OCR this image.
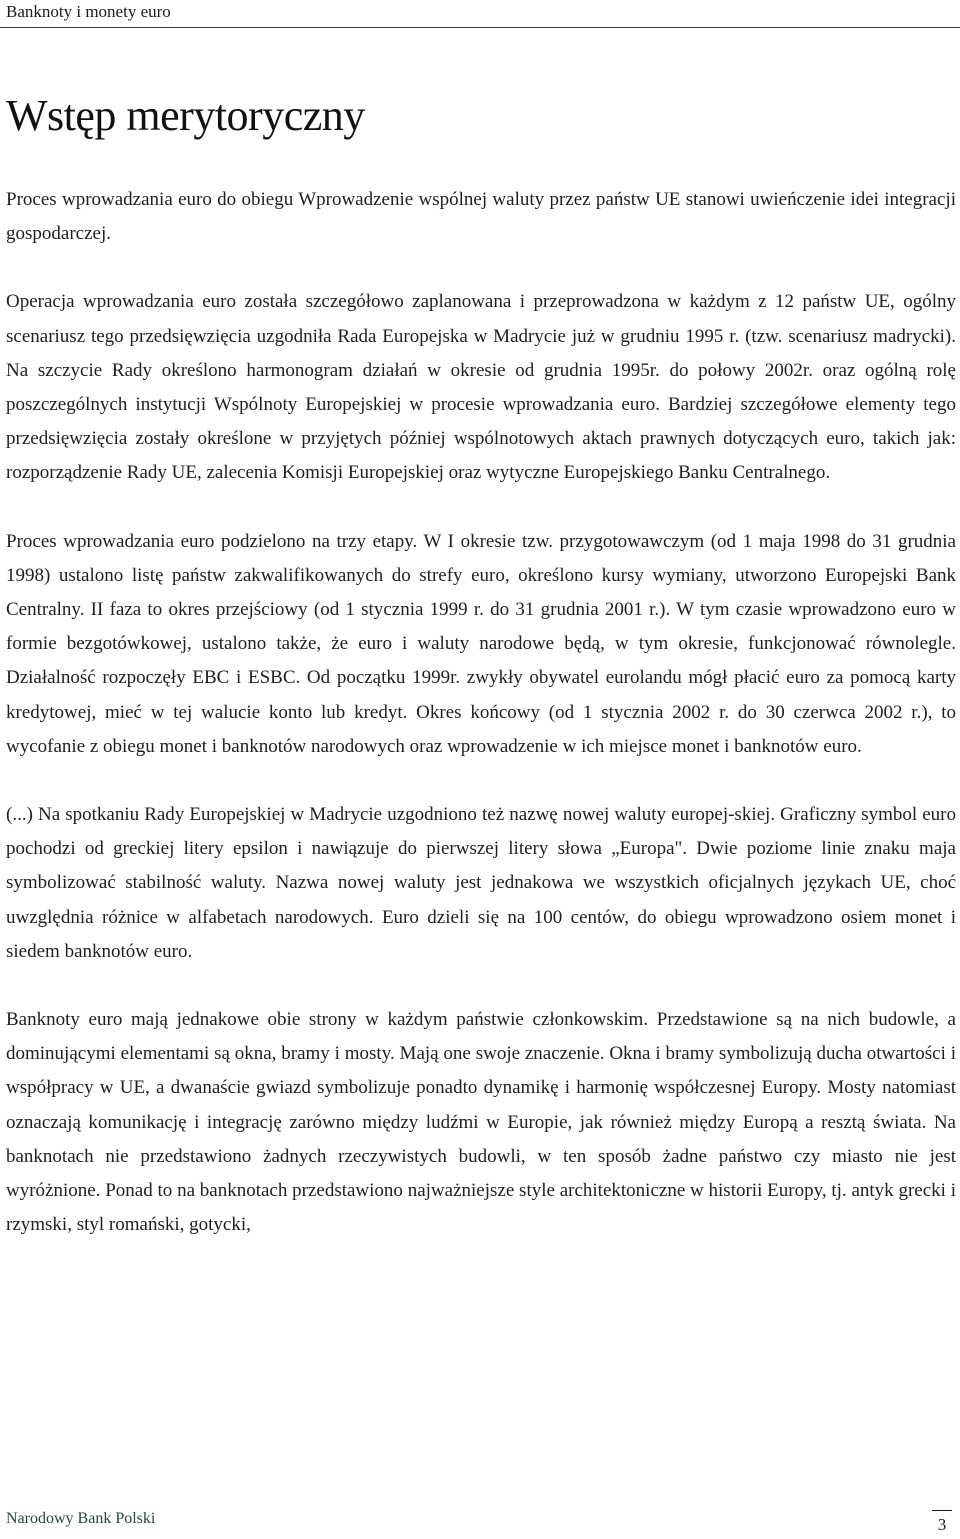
Banknoty i monety euro
Wstęp merytoryczny

Proces wprowadzania euro do obiegu Wprowadzenie wspólnej waluty przez państw UE stanowi uwieńczenie idei integracji gospodarczej.

Operacja wprowadzania euro została szczegółowo zaplanowana i przeprowadzona w każdym z 12 państw UE, ogólny scenariusz tego przedsięwzięcia uzgodniła Rada Europejska w Madrycie już w grudniu 1995 r. (tzw. scenariusz madrycki). Na szczycie Rady określono harmonogram działań w okresie od grudnia 1995r. do połowy 2002r. oraz ogólną rolę poszczególnych instytucji Wspólnoty Europejskiej w procesie wprowadzania euro. Bardziej szczegółowe elementy tego przedsięwzięcia zostały określone w przyjętych później wspólnotowych aktach prawnych dotyczących euro, takich jak: rozporządzenie Rady UE, zalecenia Komisji Europejskiej oraz wytyczne Europejskiego Banku Centralnego.

Proces wprowadzania euro podzielono na trzy etapy. W I okresie tzw. przygotowawczym (od 1 maja 1998 do 31 grudnia 1998) ustalono listę państw zakwalifikowanych do strefy euro, określono kursy wymiany, utworzono Europejski Bank Centralny. II faza to okres przejściowy (od 1 stycznia 1999 r. do 31 grudnia 2001 r.). W tym czasie wprowadzono euro w formie bezgotówkowej, ustalono także, że euro i waluty narodowe będą, w tym okresie, funkcjonować równolegle. Działalność rozpoczęły EBC i ESBC. Od początku 1999r. zwykły obywatel eurolandu mógł płacić euro za pomocą karty kredytowej, mieć w tej walucie konto lub kredyt. Okres końcowy (od 1 stycznia 2002 r. do 30 czerwca 2002 r.), to wycofanie z obiegu monet i banknotów narodowych oraz wprowadzenie w ich miejsce monet i banknotów euro.

(...) Na spotkaniu Rady Europejskiej w Madrycie uzgodniono też nazwę nowej waluty europej-skiej. Graficzny symbol euro pochodzi od greckiej litery epsilon i nawiązuje do pierwszej litery słowa „Europa". Dwie poziome linie znaku maja symbolizować stabilność waluty. Nazwa nowej waluty jest jednakowa we wszystkich oficjalnych językach UE, choć uwzględnia różnice w alfabetach narodowych. Euro dzieli się na 100 centów, do obiegu wprowadzono osiem monet i siedem banknotów euro.

Banknoty euro mają jednakowe obie strony w każdym państwie członkowskim. Przedstawione są na nich budowle, a dominującymi elementami są okna, bramy i mosty. Mają one swoje znaczenie. Okna i bramy symbolizują ducha otwartości i współpracy w UE, a dwanaście gwiazd symbolizuje ponadto dynamikę i harmonię współczesnej Europy. Mosty natomiast oznaczają komunikację i integrację zarówno między ludźmi w Europie, jak również między Europą a resztą świata. Na banknotach nie przedstawiono żadnych rzeczywistych budowli, w ten sposób żadne państwo czy miasto nie jest wyróżnione. Ponad to na banknotach przedstawiono najważniejsze style architektoniczne w historii Europy, tj. antyk grecki i rzymski, styl romański, gotycki,

Narodowy Bank Polski	3
